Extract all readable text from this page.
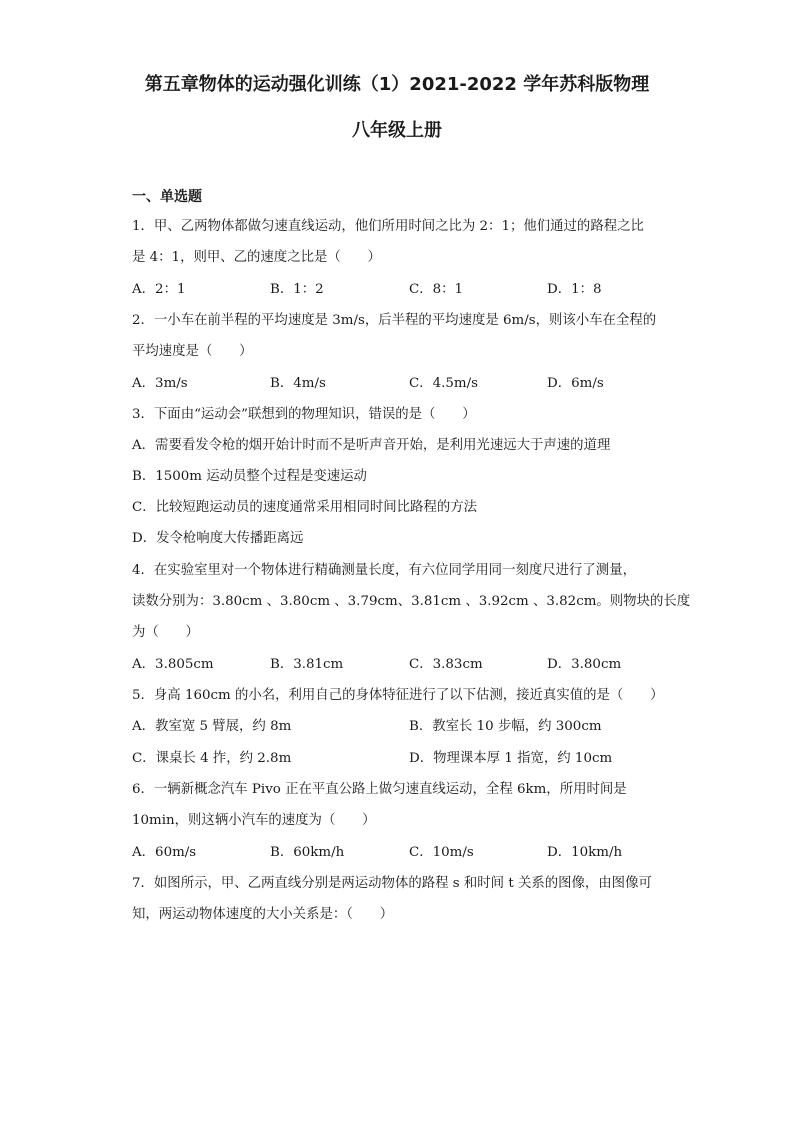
第五章物体的运动强化训练（1）2021-2022 学年苏科版物理
八年级上册
一、单选题
1．甲、乙两物体都做匀速直线运动，他们所用时间之比为 2：1；他们通过的路程之比
是 4：1，则甲、乙的速度之比是（　　）
A．2：1	B．1：2	C．8：1	D．1：8
2．一小车在前半程的平均速度是 3m/s，后半程的平均速度是 6m/s，则该小车在全程的
平均速度是（　　）
A．3m/s	B．4m/s	C．4.5m/s	D．6m/s
3．下面由“运动会”联想到的物理知识，错误的是（　　）
A．需要看发令枪的烟开始计时而不是听声音开始，是利用光速远大于声速的道理
B．1500m 运动员整个过程是变速运动
C．比较短跑运动员的速度通常采用相同时间比路程的方法
D．发令枪响度大传播距离远
4．在实验室里对一个物体进行精确测量长度，有六位同学用同一刻度尺进行了测量，
读数分别为：3.80cm 、3.80cm 、3.79cm、3.81cm 、3.92cm 、3.82cm。则物块的长度
为（　　）
A．3.805cm	B．3.81cm	C．3.83cm	D．3.80cm
5．身高 160cm 的小名，利用自己的身体特征进行了以下估测，接近真实值的是（　　）
A．教室宽 5 臂展，约 8m	B．教室长 10 步幅，约 300cm
C．课桌长 4 拃，约 2.8m	D．物理课本厚 1 指宽，约 10cm
6．一辆新概念汽车 Pivo 正在平直公路上做匀速直线运动，全程 6km，所用时间是
10min，则这辆小汽车的速度为（　　）
A．60m/s	B．60km/h	C．10m/s	D．10km/h
7．如图所示，甲、乙两直线分别是两运动物体的路程 s 和时间 t 关系的图像，由图像可
知，两运动物体速度的大小关系是：（　　）
